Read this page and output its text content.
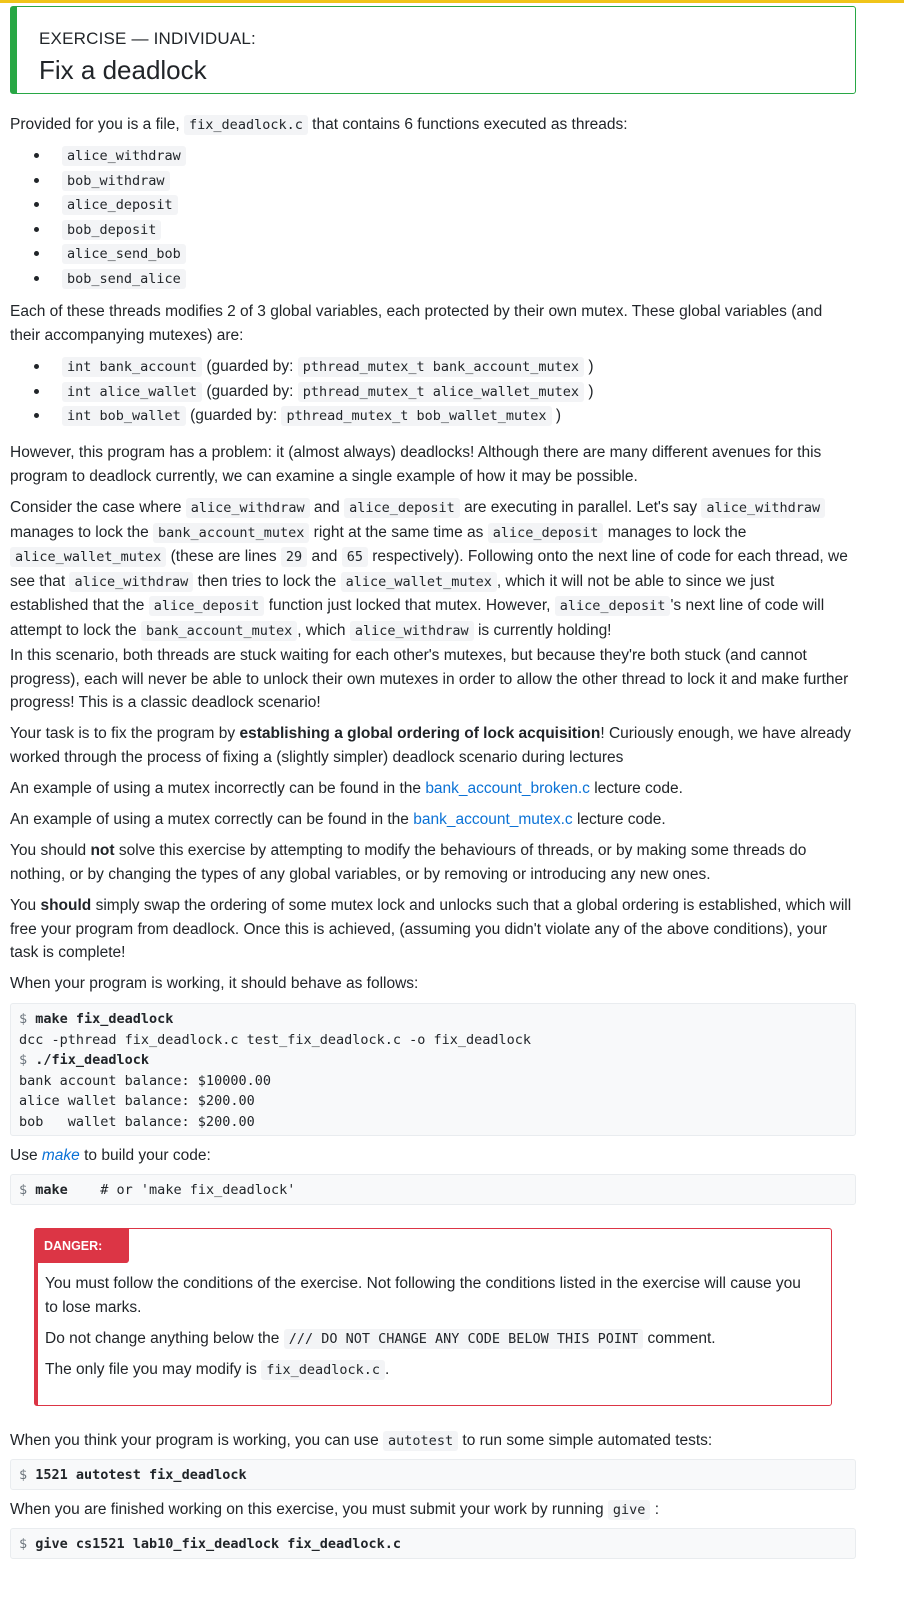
EXERCISE — INDIVIDUAL:
Fix a deadlock

Provided for you is a file, fix_deadlock.c that contains 6 functions executed as threads:

alice_withdraw
bob_withdraw
alice_deposit
bob_deposit
alice_send_bob
bob_send_alice

Each of these threads modifies 2 of 3 global variables, each protected by their own mutex. These global variables (and their accompanying mutexes) are:

int bank_account (guarded by: pthread_mutex_t bank_account_mutex )
int alice_wallet (guarded by: pthread_mutex_t alice_wallet_mutex )
int bob_wallet (guarded by: pthread_mutex_t bob_wallet_mutex )

However, this program has a problem: it (almost always) deadlocks! Although there are many different avenues for this program to deadlock currently, we can examine a single example of how it may be possible.

Consider the case where alice_withdraw and alice_deposit are executing in parallel. Let's say alice_withdraw manages to lock the bank_account_mutex right at the same time as alice_deposit manages to lock the alice_wallet_mutex (these are lines 29 and 65 respectively). Following onto the next line of code for each thread, we see that alice_withdraw then tries to lock the alice_wallet_mutex , which it will not be able to since we just established that the alice_deposit function just locked that mutex. However, alice_deposit 's next line of code will attempt to lock the bank_account_mutex , which alice_withdraw is currently holding!

In this scenario, both threads are stuck waiting for each other's mutexes, but because they're both stuck (and cannot progress), each will never be able to unlock their own mutexes in order to allow the other thread to lock it and make further progress! This is a classic deadlock scenario!

Your task is to fix the program by establishing a global ordering of lock acquisition! Curiously enough, we have already worked through the process of fixing a (slightly simpler) deadlock scenario during lectures

An example of using a mutex incorrectly can be found in the bank_account_broken.c lecture code.

An example of using a mutex correctly can be found in the bank_account_mutex.c lecture code.

You should not solve this exercise by attempting to modify the behaviours of threads, or by making some threads do nothing, or by changing the types of any global variables, or by removing or introducing any new ones.

You should simply swap the ordering of some mutex lock and unlocks such that a global ordering is established, which will free your program from deadlock. Once this is achieved, (assuming you didn't violate any of the above conditions), your task is complete!

When your program is working, it should behave as follows:

$ make fix_deadlock
dcc -pthread fix_deadlock.c test_fix_deadlock.c -o fix_deadlock
$ ./fix_deadlock
bank account balance: $10000.00
alice wallet balance: $200.00
bob   wallet balance: $200.00

Use make to build your code:

$ make    # or 'make fix_deadlock'
DANGER:

You must follow the conditions of the exercise. Not following the conditions listed in the exercise will cause you to lose marks.

Do not change anything below the /// DO NOT CHANGE ANY CODE BELOW THIS POINT comment.

The only file you may modify is fix_deadlock.c .

When you think your program is working, you can use autotest to run some simple automated tests:

$ 1521 autotest fix_deadlock

When you are finished working on this exercise, you must submit your work by running give :

$ give cs1521 lab10_fix_deadlock fix_deadlock.c
